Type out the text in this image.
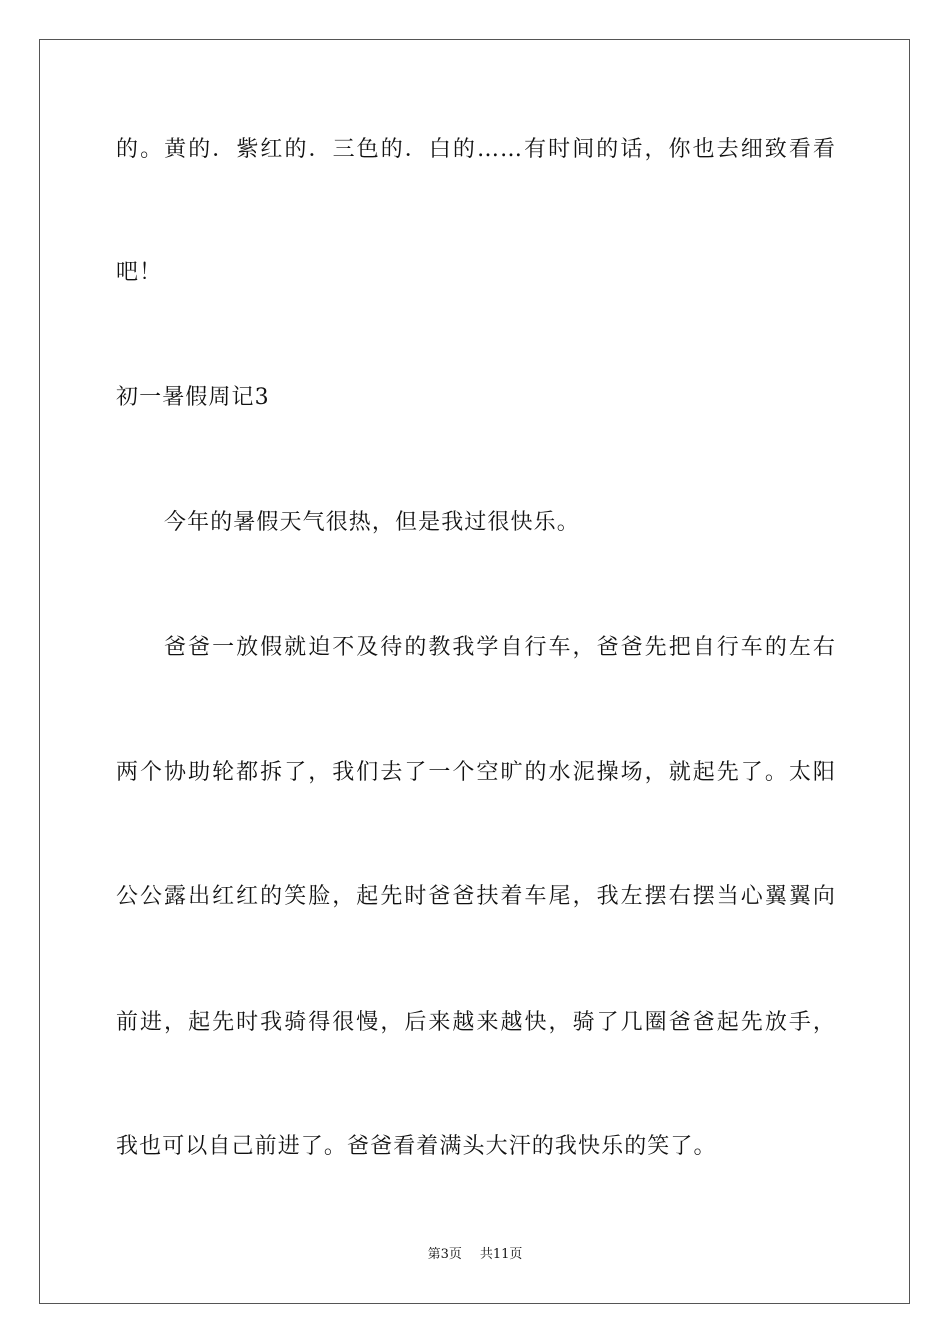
的。黄的．紫红的．三色的．白的……有时间的话，你也去细致看看
吧！
初一暑假周记3
今年的暑假天气很热，但是我过很快乐。
爸爸一放假就迫不及待的教我学自行车，爸爸先把自行车的左右
两个协助轮都拆了，我们去了一个空旷的水泥操场，就起先了。太阳
公公露出红红的笑脸，起先时爸爸扶着车尾，我左摆右摆当心翼翼向
前进，起先时我骑得很慢，后来越来越快，骑了几圈爸爸起先放手，
我也可以自己前进了。爸爸看着满头大汗的我快乐的笑了。
第3页 共11页
